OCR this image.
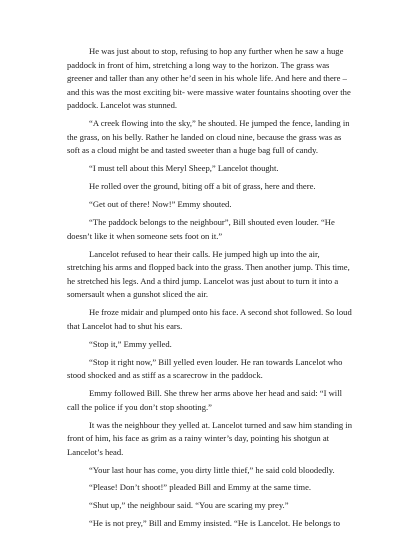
He was just about to stop, refusing to hop any further when he saw a huge paddock in front of him, stretching a long way to the horizon. The grass was greener and taller than any other he’d seen in his whole life. And here and there – and this was the most exciting bit- were massive water fountains shooting over the paddock. Lancelot was stunned.

“A creek flowing into the sky,” he shouted. He jumped the fence, landing in the grass, on his belly. Rather he landed on cloud nine, because the grass was as soft as a cloud might be and tasted sweeter than a huge bag full of candy.

“I must tell about this Meryl Sheep,” Lancelot thought.

He rolled over the ground, biting off a bit of grass, here and there.

“Get out of there! Now!” Emmy shouted.

“The paddock belongs to the neighbour”, Bill shouted even louder. “He doesn’t like it when someone sets foot on it.”

Lancelot refused to hear their calls. He jumped high up into the air, stretching his arms and flopped back into the grass. Then another jump. This time, he stretched his legs. And a third jump. Lancelot was just about to turn it into a somersault when a gunshot sliced the air.

He froze midair and plumped onto his face. A second shot followed. So loud that Lancelot had to shut his ears.

“Stop it,” Emmy yelled.

“Stop it right now,” Bill yelled even louder. He ran towards Lancelot who stood shocked and as stiff as a scarecrow in the paddock.

Emmy followed Bill. She threw her arms above her head and said: “I will call the police if you don’t stop shooting.”

It was the neighbour they yelled at. Lancelot turned and saw him standing in front of him, his face as grim as a rainy winter’s day, pointing his shotgun at Lancelot’s head.

“Your last hour has come, you dirty little thief,” he said cold bloodedly.

“Please! Don’t shoot!” pleaded Bill and Emmy at the same time.

“Shut up,” the neighbour said. “You are scaring my prey.”

“He is not prey,” Bill and Emmy insisted. “He is Lancelot. He belongs to
